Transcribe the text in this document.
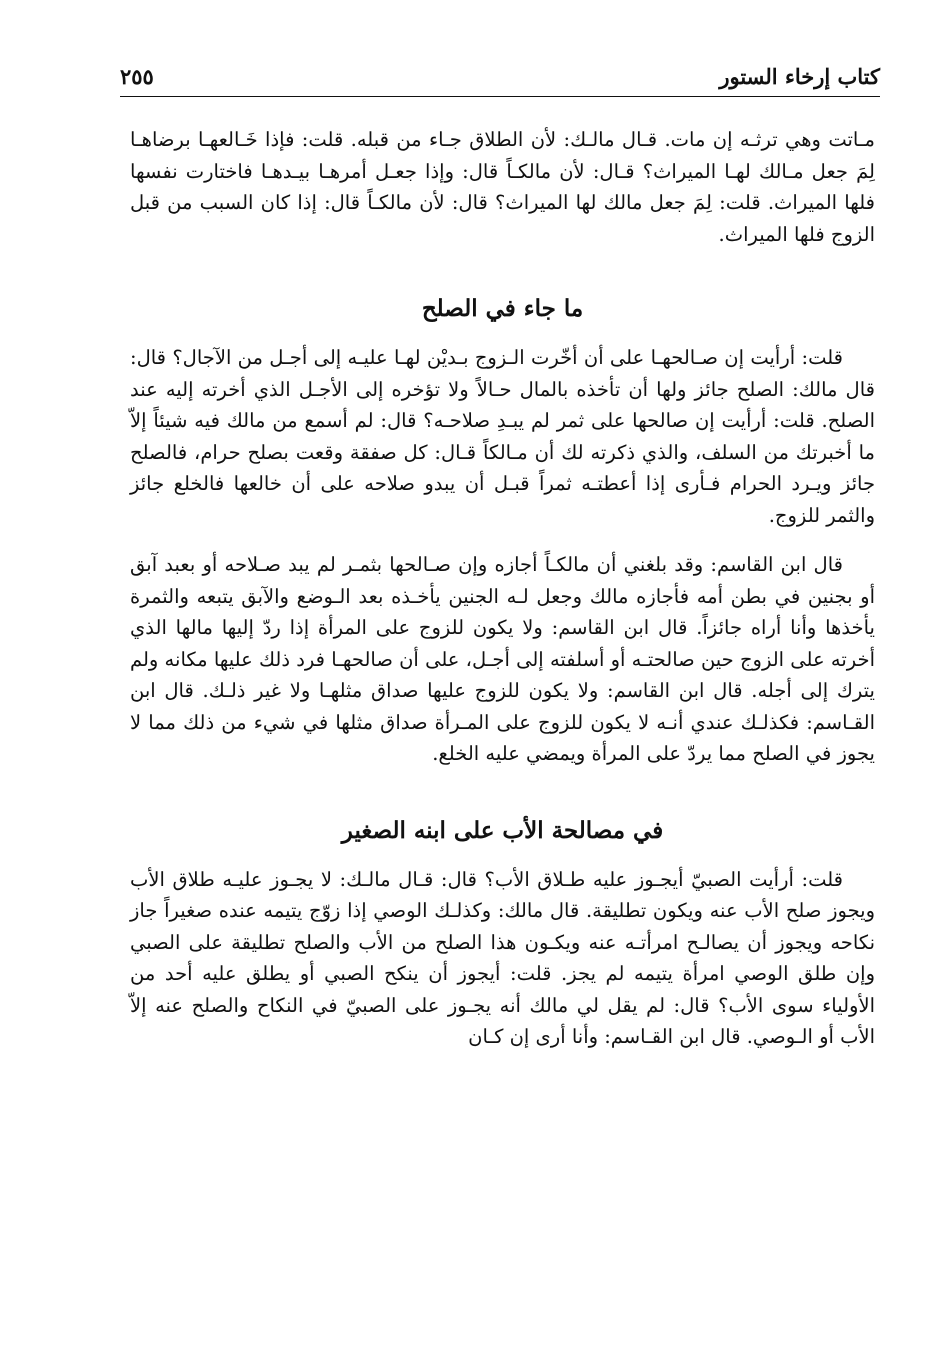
كتاب إرخاء الستور
٢٥٥

مـاتت وهي ترثـه إن مات. قـال مالـك: لأن الطلاق جـاء من قبله. قلت: فإذا خَـالعهـا برضاهـا لِمَ جعل مـالك لهـا الميراث؟ قـال: لأن مالكـاً قال: وإذا جعـل أمرهـا بيـدهـا فاختارت نفسها فلها الميراث. قلت: لِمَ جعل مالك لها الميراث؟ قال: لأن مالكـاً قال: إذا كان السبب من قبل الزوج فلها الميراث.

ما جاء في الصلح

قلت: أرأيت إن صـالحهـا على أن أخّرت الـزوج بـديْن لهـا عليـه إلى أجـل من الآجال؟ قال: قال مالك: الصلح جائز ولها أن تأخذه بالمال حـالاً ولا تؤخره إلى الأجـل الذي أخرته إليه عند الصلح. قلت: أرأيت إن صالحها على ثمر لم يبـدِ صلاحـه؟ قال: لم أسمع من مالك فيه شيئاً إلاّ ما أخبرتك من السلف، والذي ذكرته لك أن مـالكاً قـال: كل صفقة وقعت بصلح حرام، فالصلح جائز ويـرد الحرام فـأرى إذا أعطتـه ثمراً قبـل أن يبدو صلاحه على أن خالعها فالخلع جائز والثمر للزوج.

قال ابن القاسم: وقد بلغني أن مالكـاً أجازه وإن صـالحها بثمـر لم يبد صـلاحه أو بعبد آبق أو بجنين في بطن أمه فأجازه مالك وجعل لـه الجنين يأخـذه بعد الـوضع والآبق يتبعه والثمرة يأخذها وأنا أراه جائزاً. قال ابن القاسم: ولا يكون للزوج على المرأة إذا ردّ إليها مالها الذي أخرته على الزوج حين صالحتـه أو أسلفته إلى أجـل، على أن صالحهـا فرد ذلك عليها مكانه ولم يترك إلى أجله. قال ابن القاسم: ولا يكون للزوج عليها صداق مثلهـا ولا غير ذلـك. قال ابن القـاسم: فكذلـك عندي أنـه لا يكون للزوج على المـرأة صداق مثلها في شيء من ذلك مما لا يجوز في الصلح مما يردّ على المرأة ويمضي عليه الخلع.

في مصالحة الأب على ابنه الصغير

قلت: أرأيت الصبيّ أيجـوز عليه طـلاق الأب؟ قال: قـال مالـك: لا يجـوز عليـه طلاق الأب ويجوز صلح الأب عنه ويكون تطليقة. قال مالك: وكذلـك الوصي إذا زوّج يتيمه عنده صغيراً جاز نكاحه ويجوز أن يصالـح امرأتـه عنه ويكـون هذا الصلح من الأب والصلح تطليقة على الصبي وإن طلق الوصي امرأة يتيمه لم يجز. قلت: أيجوز أن ينكح الصبي أو يطلق عليه أحد من الأولياء سوى الأب؟ قال: لم يقل لي مالك أنه يجـوز على الصبيّ في النكاح والصلح عنه إلاّ الأب أو الـوصي. قال ابن القـاسم: وأنا أرى إن كـان
